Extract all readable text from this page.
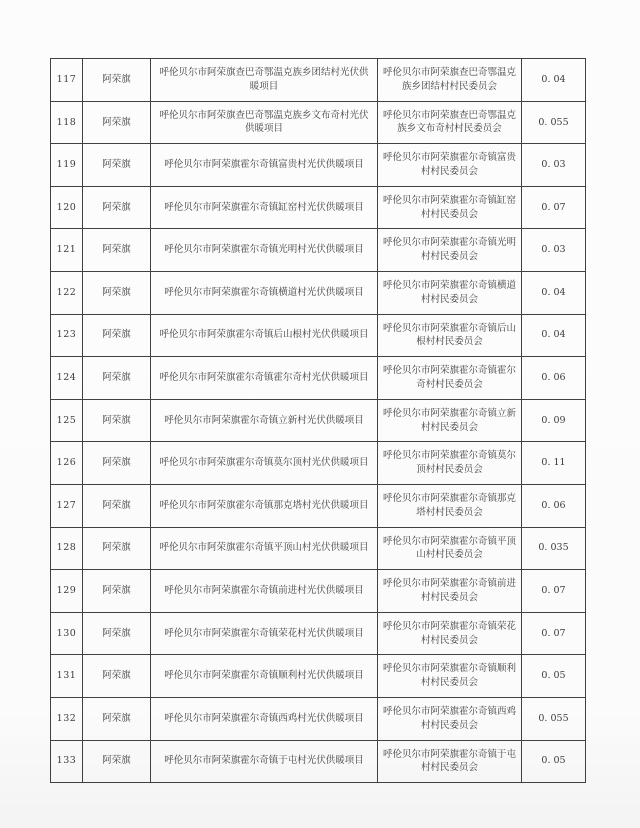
117	阿荣旗	呼伦贝尔市阿荣旗查巴奇鄂温克族乡团结村光伏供暖项目	呼伦贝尔市阿荣旗查巴奇鄂温克族乡团结村村民委员会	0. 04
118	阿荣旗	呼伦贝尔市阿荣旗查巴奇鄂温克族乡文布奇村光伏供暖项目	呼伦贝尔市阿荣旗查巴奇鄂温克族乡文布奇村村民委员会	0. 055
119	阿荣旗	呼伦贝尔市阿荣旗霍尔奇镇富贵村光伏供暖项目	呼伦贝尔市阿荣旗霍尔奇镇富贵村村民委员会	0. 03
120	阿荣旗	呼伦贝尔市阿荣旗霍尔奇镇缸窑村光伏供暖项目	呼伦贝尔市阿荣旗霍尔奇镇缸窑村村民委员会	0. 07
121	阿荣旗	呼伦贝尔市阿荣旗霍尔奇镇光明村光伏供暖项目	呼伦贝尔市阿荣旗霍尔奇镇光明村村民委员会	0. 03
122	阿荣旗	呼伦贝尔市阿荣旗霍尔奇镇横道村光伏供暖项目	呼伦贝尔市阿荣旗霍尔奇镇横道村村民委员会	0. 04
123	阿荣旗	呼伦贝尔市阿荣旗霍尔奇镇后山根村光伏供暖项目	呼伦贝尔市阿荣旗霍尔奇镇后山根村村民委员会	0. 04
124	阿荣旗	呼伦贝尔市阿荣旗霍尔奇镇霍尔奇村光伏供暖项目	呼伦贝尔市阿荣旗霍尔奇镇霍尔奇村村民委员会	0. 06
125	阿荣旗	呼伦贝尔市阿荣旗霍尔奇镇立新村光伏供暖项目	呼伦贝尔市阿荣旗霍尔奇镇立新村村民委员会	0. 09
126	阿荣旗	呼伦贝尔市阿荣旗霍尔奇镇莫尔顶村光伏供暖项目	呼伦贝尔市阿荣旗霍尔奇镇莫尔顶村村民委员会	0. 11
127	阿荣旗	呼伦贝尔市阿荣旗霍尔奇镇那克塔村光伏供暖项目	呼伦贝尔市阿荣旗霍尔奇镇那克塔村村民委员会	0. 06
128	阿荣旗	呼伦贝尔市阿荣旗霍尔奇镇平顶山村光伏供暖项目	呼伦贝尔市阿荣旗霍尔奇镇平顶山村村民委员会	0. 035
129	阿荣旗	呼伦贝尔市阿荣旗霍尔奇镇前进村光伏供暖项目	呼伦贝尔市阿荣旗霍尔奇镇前进村村民委员会	0. 07
130	阿荣旗	呼伦贝尔市阿荣旗霍尔奇镇荣花村光伏供暖项目	呼伦贝尔市阿荣旗霍尔奇镇荣花村村民委员会	0. 07
131	阿荣旗	呼伦贝尔市阿荣旗霍尔奇镇顺利村光伏供暖项目	呼伦贝尔市阿荣旗霍尔奇镇顺利村村民委员会	0. 05
132	阿荣旗	呼伦贝尔市阿荣旗霍尔奇镇西鸡村光伏供暖项目	呼伦贝尔市阿荣旗霍尔奇镇西鸡村村民委员会	0. 055
133	阿荣旗	呼伦贝尔市阿荣旗霍尔奇镇于屯村光伏供暖项目	呼伦贝尔市阿荣旗霍尔奇镇于屯村村民委员会	0. 05
